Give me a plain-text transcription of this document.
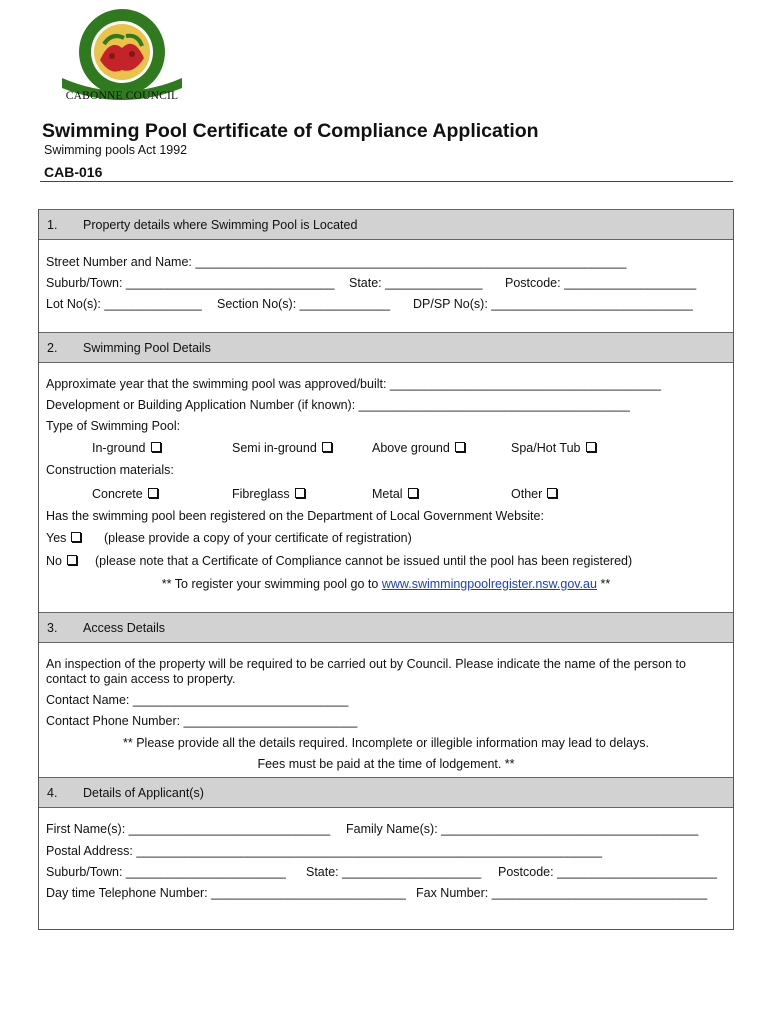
CABONNE COUNCIL
Swimming Pool Certificate of Compliance Application
Swimming pools Act 1992
CAB-016
1. Property details where Swimming Pool is Located
Street Number and Name: ______________________________________________________________
Suburb/Town: ______________________________ State: ______________ Postcode: ___________________
Lot No(s): ______________ Section No(s): _____________ DP/SP No(s): _____________________________
2. Swimming Pool Details
Approximate year that the swimming pool was approved/built: _______________________________________
Development or Building Application Number (if known): _______________________________________
Type of Swimming Pool:
In-ground	Semi in-ground	Above ground	Spa/Hot Tub
Construction materials:
Concrete	Fibreglass	Metal	Other
Has the swimming pool been registered on the Department of Local Government Website:
Yes	(please provide a copy of your certificate of registration)
No	(please note that a Certificate of Compliance cannot be issued until the pool has been registered)
** To register your swimming pool go to www.swimmingpoolregister.nsw.gov.au **
3. Access Details
An inspection of the property will be required to be carried out by Council. Please indicate the name of the person to
contact to gain access to property.
Contact Name: _______________________________
Contact Phone Number: _________________________
** Please provide all the details required. Incomplete or illegible information may lead to delays.
Fees must be paid at the time of lodgement. **
4. Details of Applicant(s)
First Name(s): _____________________________ Family Name(s): _____________________________________
Postal Address: ___________________________________________________________________
Suburb/Town: _______________________ State: ____________________ Postcode: _______________________
Day time Telephone Number: ____________________________ Fax Number: _______________________________
